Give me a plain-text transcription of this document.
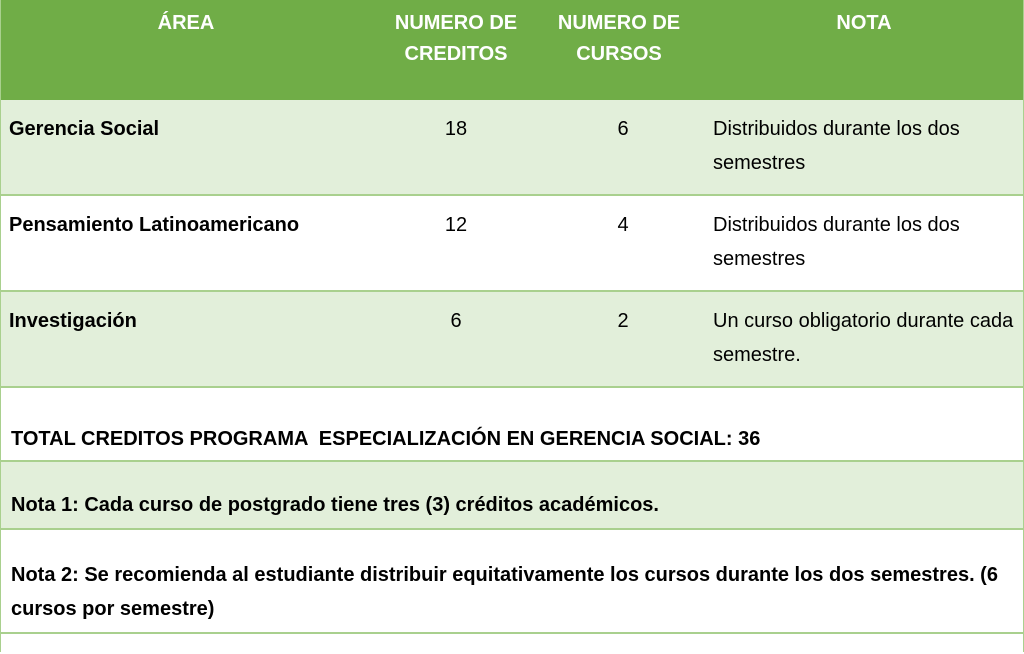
ÁREA	NUMERO DE CREDITOS	NUMERO DE CURSOS	NOTA
Gerencia Social	18	6	Distribuidos durante los dos semestres
Pensamiento Latinoamericano	12	4	Distribuidos durante los dos semestres
Investigación	6	2	Un curso obligatorio durante cada semestre.
TOTAL CREDITOS PROGRAMA  ESPECIALIZACIÓN EN GERENCIA SOCIAL: 36			
Nota 1: Cada curso de postgrado tiene tres (3) créditos académicos.			
Nota 2: Se recomienda al estudiante distribuir equitativamente los cursos durante los dos semestres. (6 cursos por semestre)			
